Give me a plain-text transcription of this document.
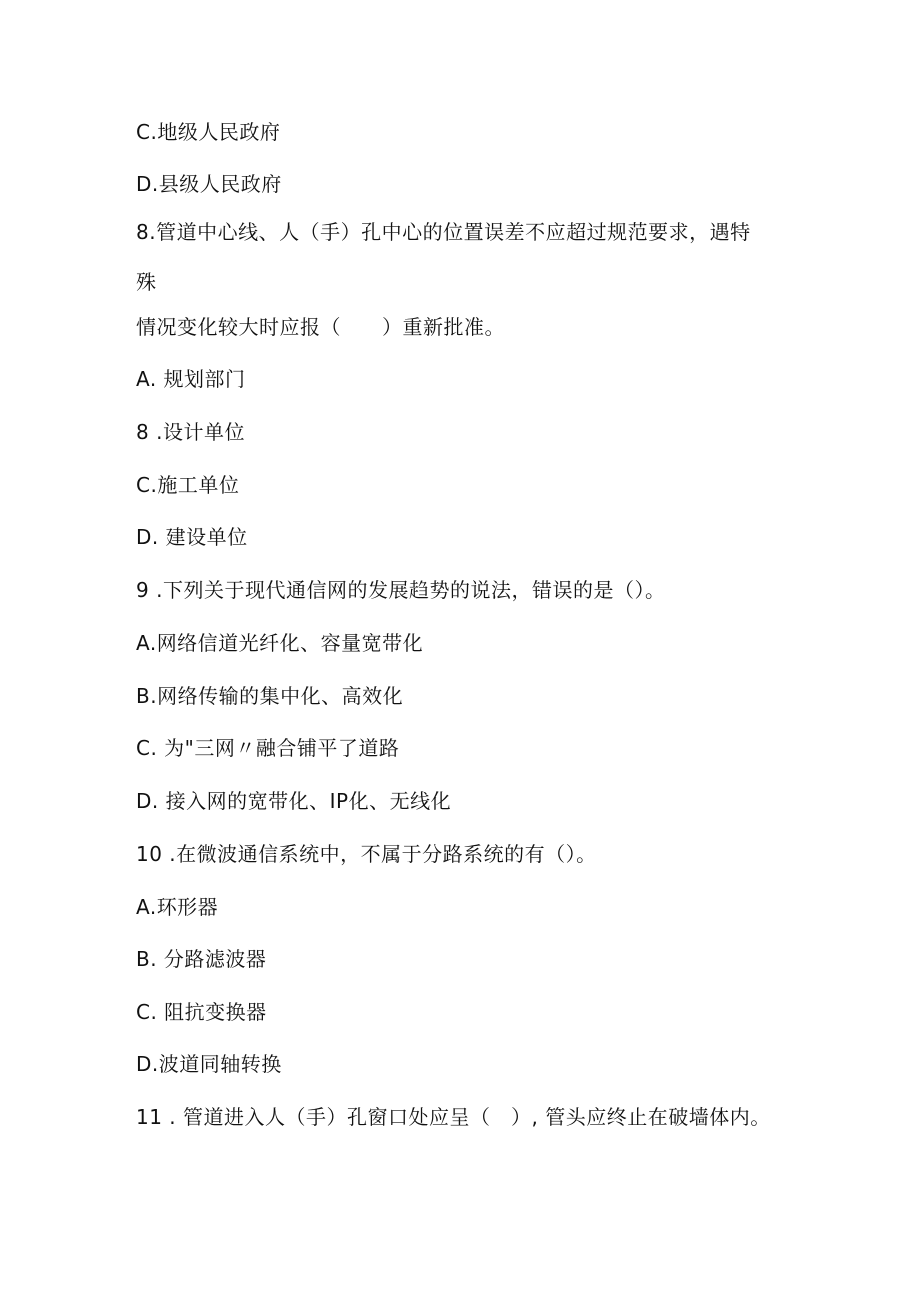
C.地级人民政府
D.县级人民政府
8.管道中心线、人（手）孔中心的位置误差不应超过规范要求，遇特
殊
情况变化较大时应报（　　）重新批准。
A. 规划部门
8 .设计单位
C.施工单位
D. 建设单位
9 .下列关于现代通信网的发展趋势的说法，错误的是（）。
A.网络信道光纤化、容量宽带化
B.网络传输的集中化、高效化
C. 为"三网〃融合铺平了道路
D. 接入网的宽带化、IP化、无线化
10 .在微波通信系统中，不属于分路系统的有（）。
A.环形器
B. 分路滤波器
C. 阻抗变换器
D.波道同轴转换
11 . 管道进入人（手）孔窗口处应呈（　）, 管头应终止在破墙体内。
